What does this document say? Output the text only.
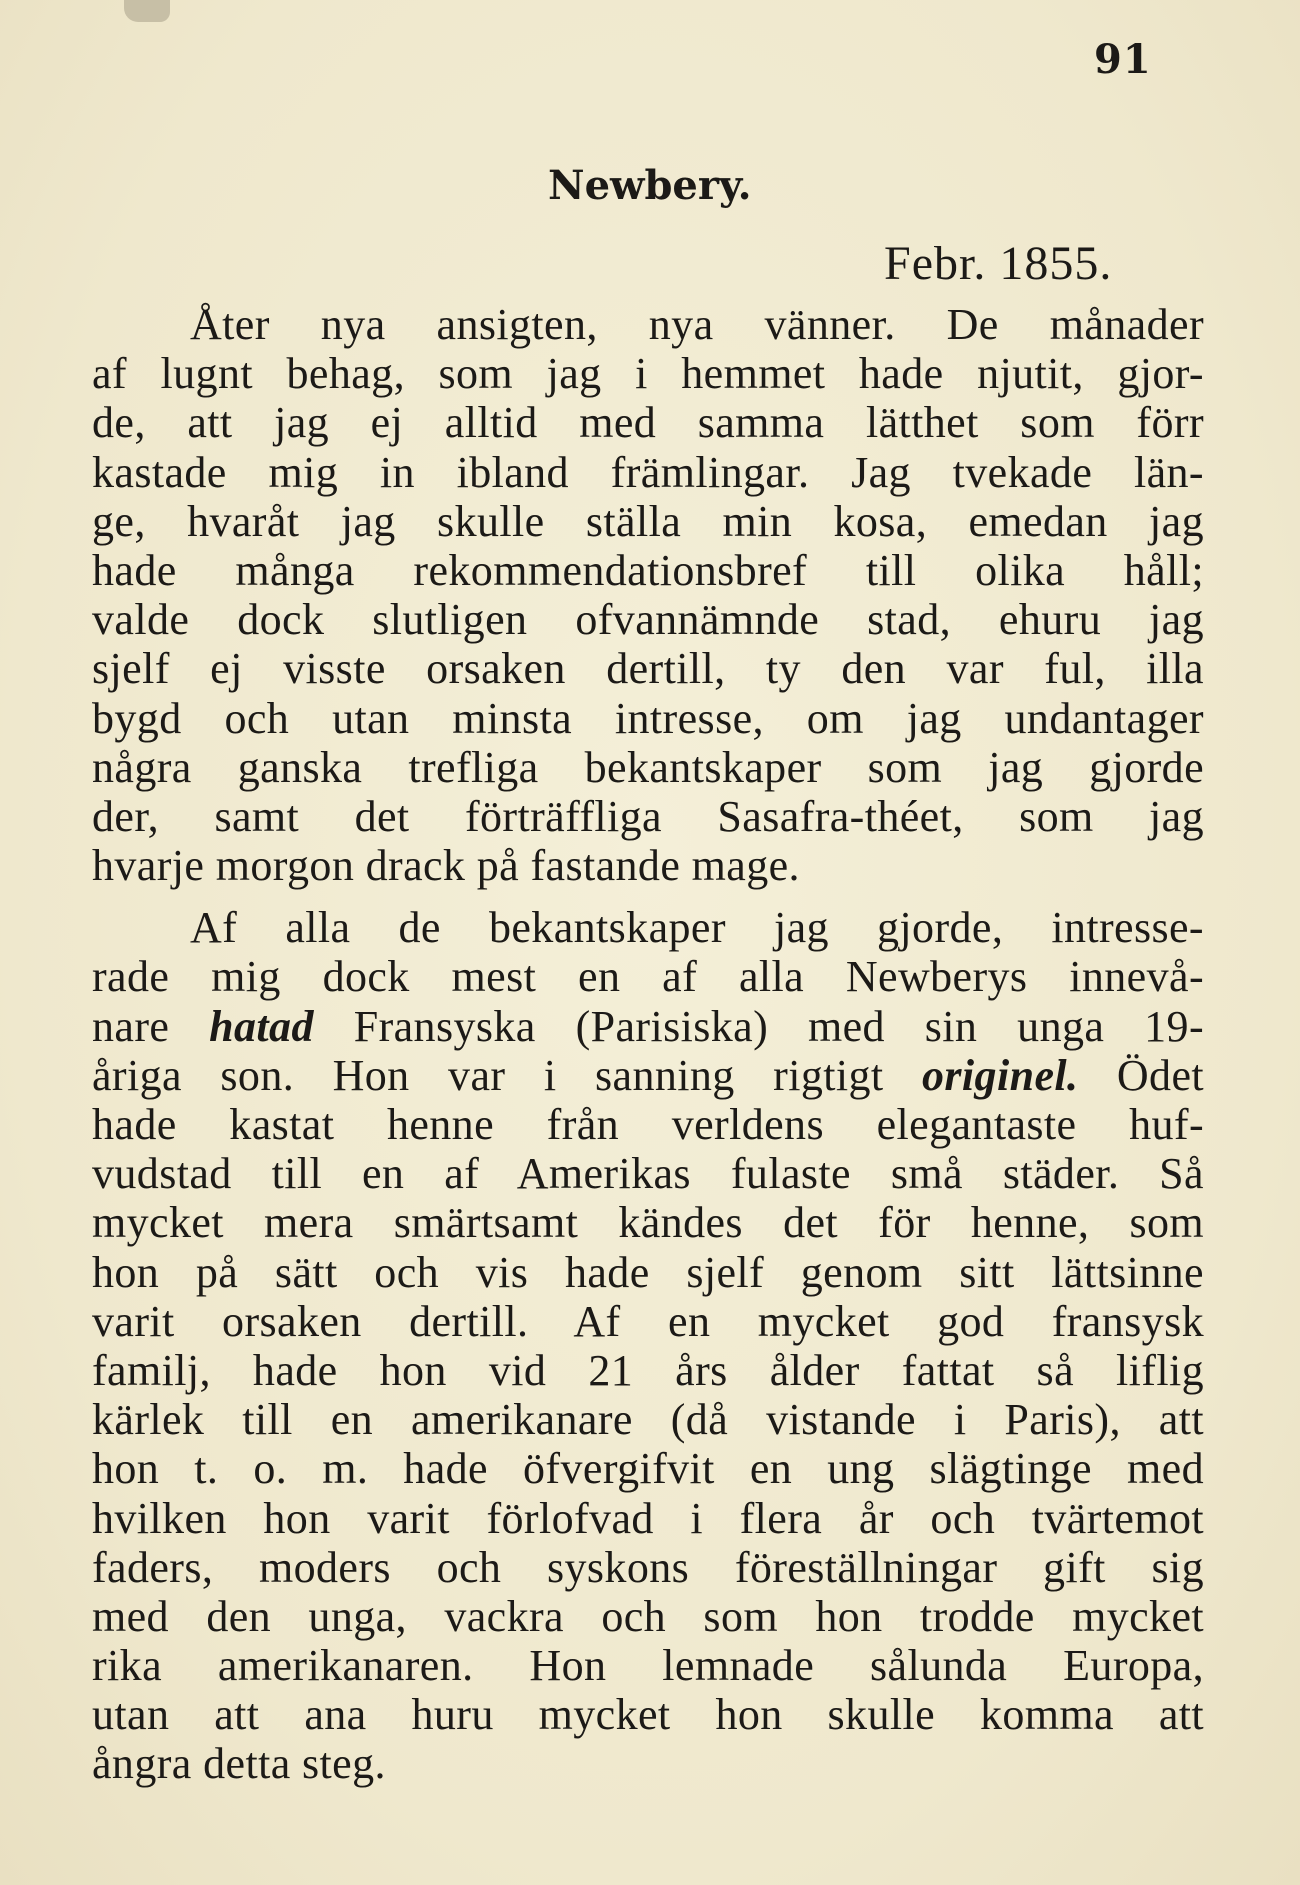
91
Newbery.
Febr. 1855.
Åter nya ansigten, nya vänner. De månader
af lugnt behag, som jag i hemmet hade njutit, gjor-
de, att jag ej alltid med samma lätthet som förr
kastade mig in ibland främlingar. Jag tvekade län-
ge, hvaråt jag skulle ställa min kosa, emedan jag
hade många rekommendationsbref till olika håll;
valde dock slutligen ofvannämnde stad, ehuru jag
sjelf ej visste orsaken dertill, ty den var ful, illa
bygd och utan minsta intresse, om jag undantager
några ganska trefliga bekantskaper som jag gjorde
der, samt det förträffliga Sasafra-théet, som jag
hvarje morgon drack på fastande mage.
Af alla de bekantskaper jag gjorde, intresse-
rade mig dock mest en af alla Newberys innevå-
nare hatad Fransyska (Parisiska) med sin unga 19-
åriga son. Hon var i sanning rigtigt originel. Ödet
hade kastat henne från verldens elegantaste huf-
vudstad till en af Amerikas fulaste små städer. Så
mycket mera smärtsamt kändes det för henne, som
hon på sätt och vis hade sjelf genom sitt lättsinne
varit orsaken dertill. Af en mycket god fransysk
familj, hade hon vid 21 års ålder fattat så liflig
kärlek till en amerikanare (då vistande i Paris), att
hon t. o. m. hade öfvergifvit en ung slägtinge med
hvilken hon varit förlofvad i flera år och tvärtemot
faders, moders och syskons föreställningar gift sig
med den unga, vackra och som hon trodde mycket
rika amerikanaren. Hon lemnade sålunda Europa,
utan att ana huru mycket hon skulle komma att
ångra detta steg.
